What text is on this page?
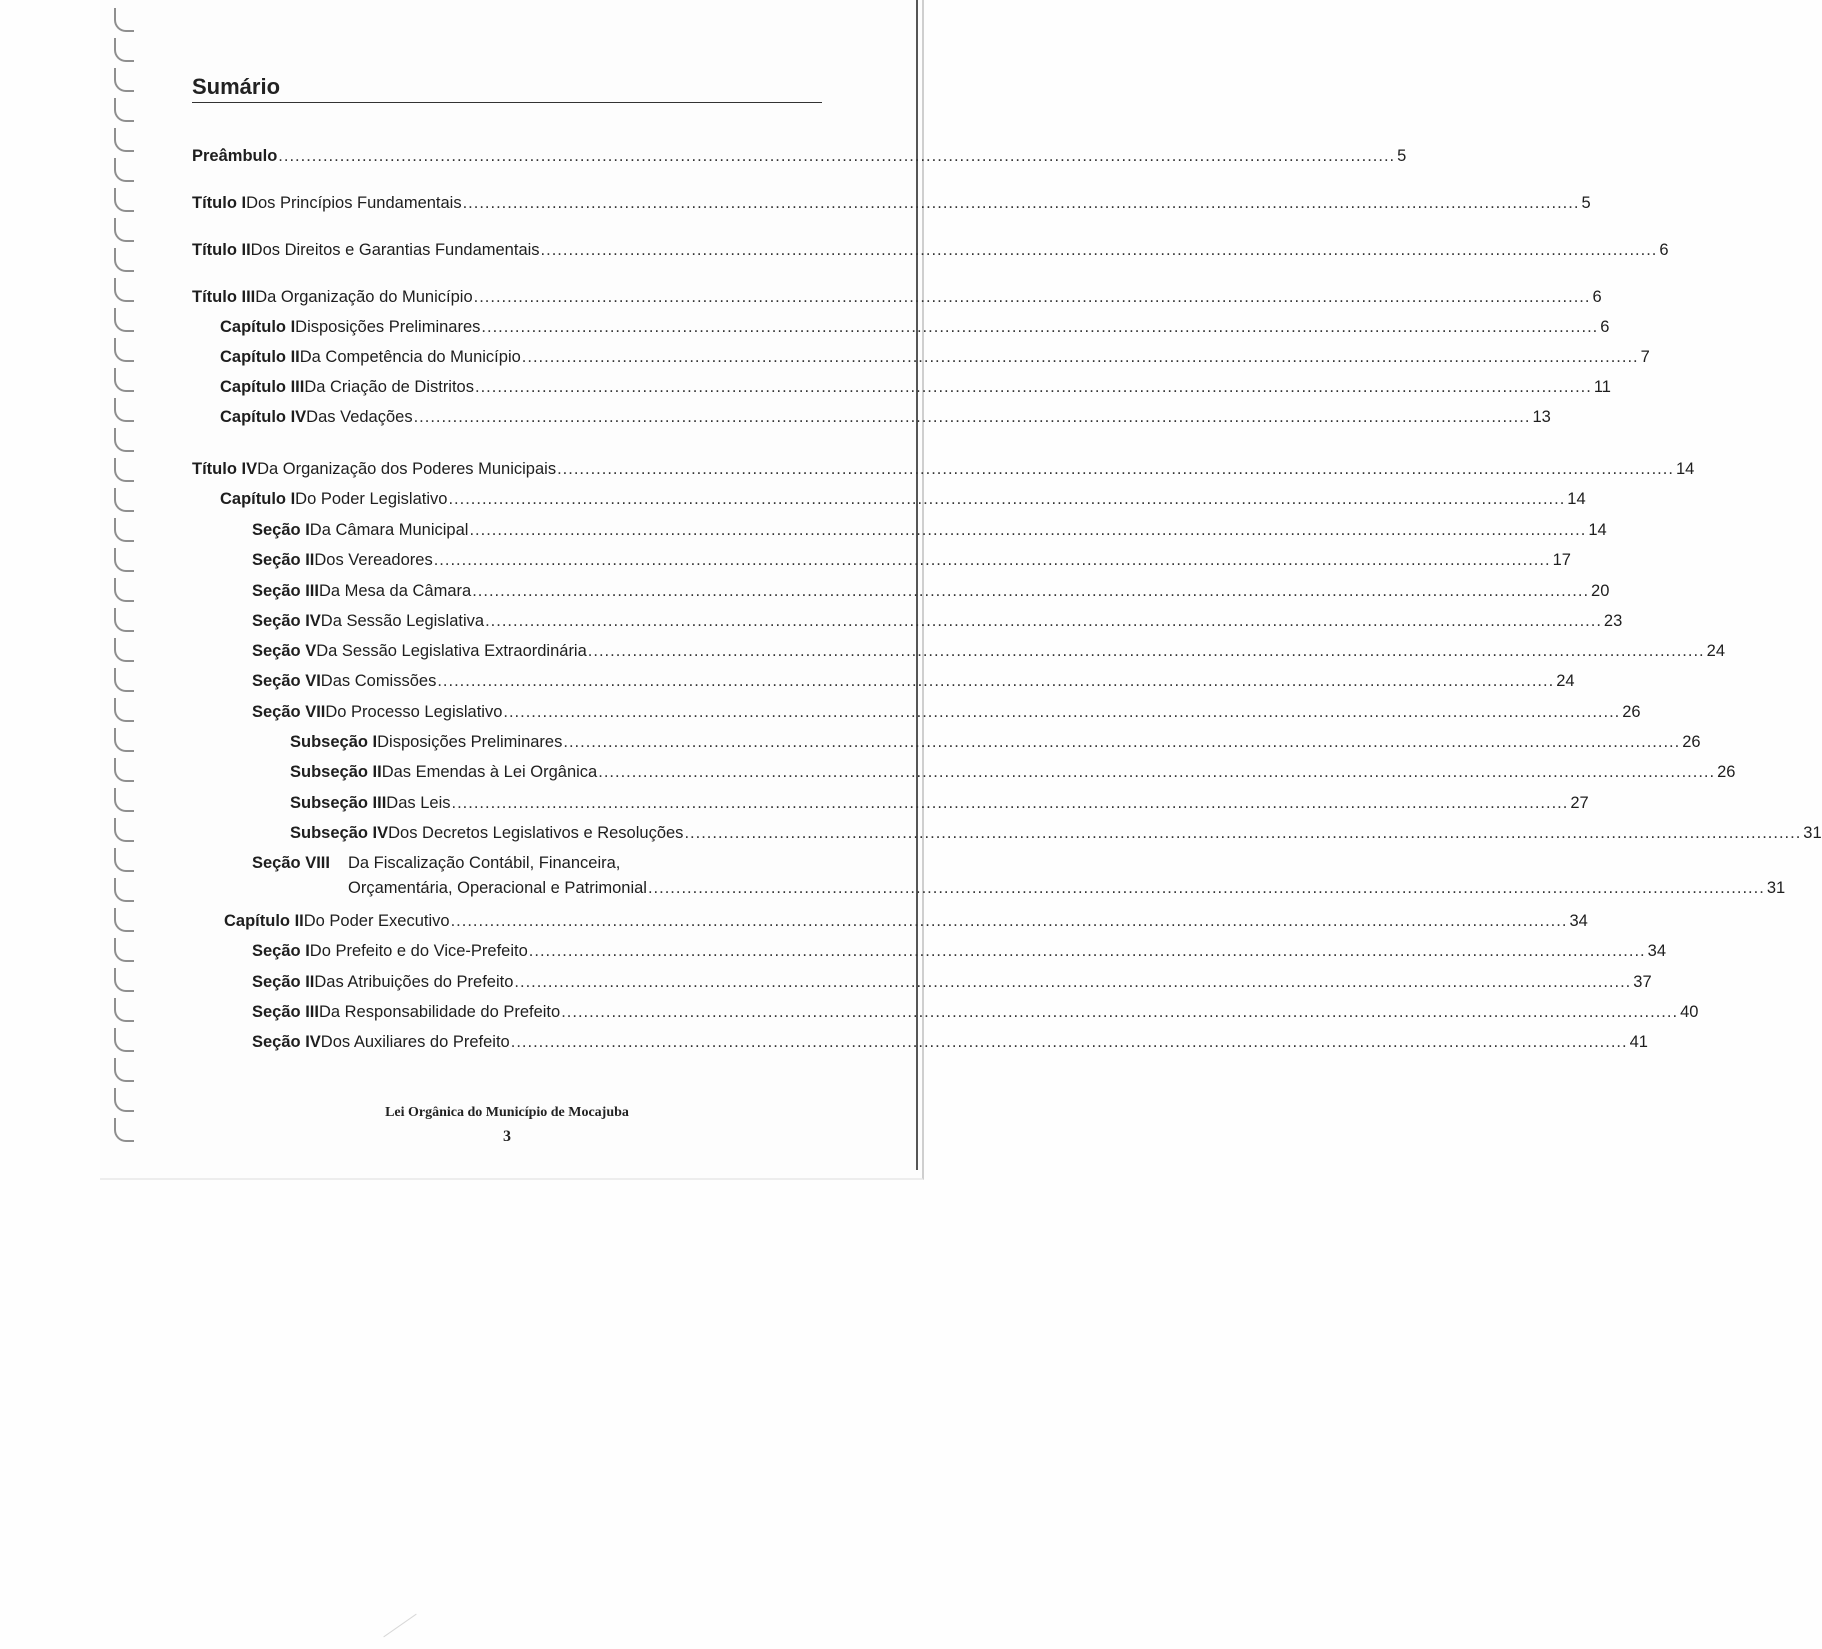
Sumário
Preâmbulo ........................................................................................................................................................................................................ 5
Título I Dos Princípios Fundamentais ........................................................................................................................................................................................................ 5
Título II Dos Direitos e Garantias Fundamentais ........................................................................................................................................................................................................ 6
Título III Da Organização do Município ........................................................................................................................................................................................................ 6
Capítulo I Disposições Preliminares ........................................................................................................................................................................................................ 6
Capítulo II Da Competência do Município ........................................................................................................................................................................................................ 7
Capítulo III Da Criação de Distritos ........................................................................................................................................................................................................ 11
Capítulo IV Das Vedações ........................................................................................................................................................................................................ 13
Título IV Da Organização dos Poderes Municipais ........................................................................................................................................................................................................ 14
Capítulo I Do Poder Legislativo ........................................................................................................................................................................................................ 14
Seção I Da Câmara Municipal ........................................................................................................................................................................................................ 14
Seção II Dos Vereadores ........................................................................................................................................................................................................ 17
Seção III Da Mesa da Câmara ........................................................................................................................................................................................................ 20
Seção IV Da Sessão Legislativa ........................................................................................................................................................................................................ 23
Seção V Da Sessão Legislativa Extraordinária ........................................................................................................................................................................................................ 24
Seção VI Das Comissões ........................................................................................................................................................................................................ 24
Seção VII Do Processo Legislativo ........................................................................................................................................................................................................ 26
Subseção I Disposições Preliminares ........................................................................................................................................................................................................ 26
Subseção II Das Emendas à Lei Orgânica ........................................................................................................................................................................................................ 26
Subseção III Das Leis ........................................................................................................................................................................................................ 27
Subseção IV Dos Decretos Legislativos e Resoluções ........................................................................................................................................................................................................ 31
Seção VIII	Da Fiscalização Contábil, Financeira,
Orçamentária, Operacional e Patrimonial ........................................................................................................................................................................................................ 31
Capítulo II Do Poder Executivo ........................................................................................................................................................................................................ 34
Seção I Do Prefeito e do Vice-Prefeito ........................................................................................................................................................................................................ 34
Seção II Das Atribuições do Prefeito ........................................................................................................................................................................................................ 37
Seção III Da Responsabilidade do Prefeito ........................................................................................................................................................................................................ 40
Seção IV Dos Auxiliares do Prefeito ........................................................................................................................................................................................................ 41
Lei Orgânica do Município de Mocajuba
3
